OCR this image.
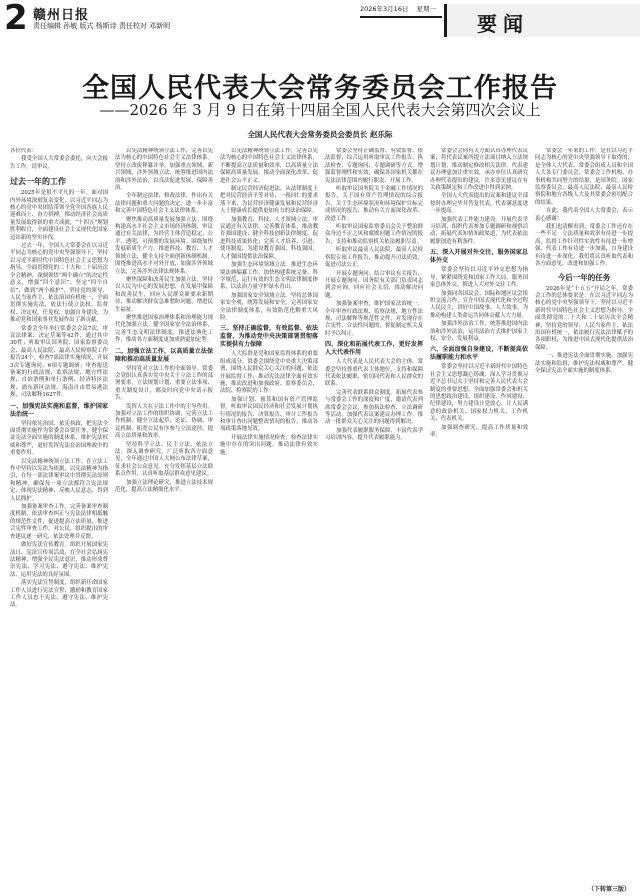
2 赣州日报
责任编辑 孙敏 版式 杨斯诗 责任校对 邓新明
2026年3月16日 星期一
要闻
全国人民代表大会常务委员会工作报告
——2026 年 3 月 9 日在第十四届全国人民代表大会第四次会议上
全国人民代表大会常务委员会委员长 赵乐际

各位代表：

我受全国人大常委会委托，向大会报告工作，请审议。

过去一年的工作

2025年是很不平凡的一年。面对国内外环境深刻复杂变化，以习近平同志为核心的党中央团结带领全党全国各族人民迎难而上、奋力拼搏，推动经济社会高质量发展取得新的重大成就，“十四五”规划胜利收官，全面建设社会主义现代化国家迈出新的坚实步伐。

过去一年，全国人大常委会在以习近平同志为核心的党中央坚强领导下，坚持以习近平新时代中国特色社会主义思想为指导，全面贯彻党的二十大和二十届历次全会精神，深刻领悟“两个确立”的决定性意义，增强“四个意识”、坚定“四个自信”、做到“两个维护”，坚持党的领导、人民当家作主、依法治国有机统一，全面贯彻实施宪法，依法行使立法权、监督权、决定权、任免权，加强自身建设，为推动党和国家事业发展作出了新贡献。

常委会全年举行常委会会议7次，审议法律案、决定草案等42件，通过其中30件；听取审议国务院、国家监察委员会、最高人民法院、最高人民检察院工作报告24个，检查7部法律实施情况，开展3次专题询问、6项专题调研；审查报送备案的行政法规、监察法规、地方性法规、自治条例和单行条例、经济特区法规、浦东新区法规、海南自由贸易港法规、司法解释1627件。

一、加强宪法实施和监督，维护国家法治统一

坚持依宪治国、依宪执政，把宪法全面贯彻实施作为常委会首要任务，健全保证宪法全面实施的制度体系，维护宪法权威和尊严，更好发挥宪法在治国理政中的重要作用。

以宪法精神统领立法工作。在立法工作中坚持以宪法为依据、以宪法精神为指引，在每一部法律案审议中贯彻宪法原则和精神，确保每一项立法都符合宪法规定、体现宪法精神、反映人民意志，得到人民拥护。

加强备案审查工作。完善备案审查制度机制，依法审查纠正与宪法法律相抵触的规范性文件，促进提高立法质量，推进合宪性审查工作。对公民、组织提出的审查建议逐一研究、依法处理并反馈。

做好宪法宣传教育。组织开展国家宪法日、宪法宣传周活动，在全社会弘扬宪法精神，增强全民宪法意识，推动形成尊崇宪法、学习宪法、遵守宪法、维护宪法、运用宪法的良好氛围。

落实宪法宣誓制度，组织新任命国家工作人员进行宪法宣誓，激励和教育国家工作人员忠于宪法、遵守宪法、维护宪法。

以宪法精神统领立法工作，完善以宪法为核心的中国特色社会主义法律体系。坚持立改废释纂并举，加强重点领域、新兴领域、涉外领域立法，统筹推进国内法治和涉外法治，以良法促进发展、保障善治。

全年制定法律，修改法律，作出有关法律问题和重大问题的决定，进一步丰富和完善中国特色社会主义法律体系。

聚焦推动高质量发展加强立法。围绕构建高水平社会主义市场经济体制，审议通过有关法律，为经营主体营造稳定、公平、透明、可预期的发展环境。围绕加快发展新质生产力，推进科技、教育、人才领域立法，健全支持全面创新体制机制。围绕推进高水平对外开放，加强涉外领域立法，完善涉外法律法规体系。

聚焦保障和改善民生加强立法。坚持以人民为中心的发展思想，在发展中保障和改善民生，回应人民群众新要求新期待，推动解决群众急难愁盼问题，增进民生福祉。

聚焦推进国家治理体系和治理能力现代化加强立法。健全国家安全法治体系，完善生态文明法律制度，推进法典化工作，推动各方面制度更加成熟更加定型。

二、加强立法工作，以高质量立法保障和推动高质量发展

坚持党对立法工作的全面领导。常委会党组认真落实党中央关于立法工作的部署要求，立法规划计划、重要立法事项、重大制度设计，都及时向党中央请示报告。

发挥人大在立法工作中的主导作用。加强对立法工作的组织协调，完善立法工作机制，健全立法起草、论证、协调、审议机制，拓宽公民有序参与立法途径，提高立法质量和效率。

坚持科学立法、民主立法、依法立法。深入调查研究，广泛听取各方面意见，全年通过中国人大网公布法律草案，征求社会公众意见。充分发挥基层立法联系点作用，认真听取基层群众意见建议。

加强立法理论研究，推进立法技术规范化，提高立法精细化水平。

以宪法精神统领立法工作，完善以宪法为核心的中国特色社会主义法律体系，不断提高立法质量和效率，以高质量立法保障高质量发展、推动全面深化改革、促进社会公平正义。

制定民营经济促进法，从法律制度上把对民营经济平等对待、一视同仁的要求落下来，为民营经济健康发展和民营经济人士健康成长提供更加有力的法治保障。

加强教育、科技、人才领域立法。审议通过有关法律，完善教育体系，推动教育强国建设；健全科技创新法律制度，促进科技成果转化；完善人才培养、引进、使用制度，为建设教育强国、科技强国、人才强国提供法治保障。

加强生态环境领域立法。推进生态环境法典编纂工作，加快构建系统完备、科学规范、运行有效的生态文明法律制度体系，以法治力量守护绿水青山。

加强国家安全领域立法。坚持总体国家安全观，统筹发展和安全，完善国家安全法律制度体系，有效防范化解重大风险。

三、坚持正确监督、有效监督、依法监督，为推动党中央决策部署贯彻落实提供有力保障

人大监督是党和国家监督体系的重要组成部分。常委会围绕党中央重大决策部署，围绕人民群众关心关注的问题，依法开展监督工作，推动宪法法律全面有效实施，推动改进和加强政府、监察委员会、法院、检察院的工作。

加强计划、预算和国有资产管理监督。听取审议国民经济和社会发展计划执行情况的报告、决算报告、审计工作报告和审计查出问题整改情况的报告，推动各项政策落地见效。

开展法律实施情况检查，检查法律实施中存在的突出问题，推动法律有效实施。

常委会坚持正确监督、有效监督、依法监督，综合运用听取审议工作报告、执法检查、专题询问、专题调研等方式，增强监督刚性和实效，确保各国家机关都在宪法法律范围内履行职责、开展工作。

听取审议国务院关于金融工作情况的报告，关于国有资产管理情况的综合报告，关于生态环境状况和环境保护目标完成情况的报告，推动有关方面深化改革、改进工作。

听取审议国家监察委员会关于整治群众身边不正之风和腐败问题工作情况的报告，支持和推动监察机关依法履职尽责。

听取审议最高人民法院、最高人民检察院专项工作报告，推动提升司法质效，促进司法公正。

开展专题询问。结合审议有关报告，开展专题询问，国务院有关部门负责同志到会应询，回应社会关切，推动解决问题。

加强备案审查，维护国家法治统一。全年审查行政法规、监察法规、地方性法规、司法解释等规范性文件，对发现存在合宪性、合法性问题的，督促制定机关及时予以纠正。

四、深化和拓展代表工作，更好发挥人大代表作用

人大代表是人民代表大会的主体。常委会坚持尊重代表主体地位，支持和保障代表依法履职，密切同代表和人民群众的联系。

完善代表联系群众制度。拓展代表参与常委会工作的深度和广度，邀请代表列席常委会会议，参加执法检查、立法调研等活动。加强代表议案建议办理工作，推动一批群众关心关注的问题得到解决。

加强代表履职服务保障，丰富代表学习培训内容，提升代表履职能力。

常委会会同有关方面认真办理代表议案，将代表议案所提立法项目纳入立法规划计划，推动制定修改相关法律。代表建议办理更加注重实效，承办单位认真研究办理代表提出的建议，许多意见建议在有关政策制定和工作改进中得到采纳。

全国人大代表提出的议案和建议全部按时办理完毕并答复代表，代表满意度进一步提高。

加强代表工作能力建设。开展代表学习培训，组织代表参加专题调研和视察活动，拓展代表知情知政渠道，为代表依法履职创造有利条件。

五、深入开展对外交往，服务国家总体外交

常委会坚持以习近平外交思想为指导，紧紧围绕党和国家工作大局，服务国家总体外交，推进人大对外交往工作。

加强同各国议会、国际和地区议会组织交流合作，宣介中国式现代化和全过程人民民主，讲好中国故事、人大故事，为推动构建人类命运共同体贡献人大力量。

加强涉外法治工作，统筹推进国内法治和涉外法治，运用法治方式维护国家主权、安全、发展利益。

六、全面加强自身建设，不断提高依法履职能力和水平

常委会坚持以习近平新时代中国特色社会主义思想凝心铸魂，深入学习贯彻习近平总书记关于坚持和完善人民代表大会制度的重要思想，全面加强常委会和机关的思想政治建设、组织建设、作风建设、纪律建设，努力建设让党放心、让人民满意的政治机关、国家权力机关、工作机关、代表机关。

加强调查研究，提高工作质量和效率。

常委会一年来的工作，是在以习近平同志为核心的党中央坚强领导下取得的，是全体人大代表、常委会组成人员和全国人大各专门委员会、常委会工作机构、办事机构共同努力的结果，是国务院、国家监察委员会、最高人民法院、最高人民检察院和地方各级人大及其常委会密切配合的结果。

在此，我代表全国人大常委会，表示衷心感谢！

我们也清醒看到，常委会工作还存在一些不足：立法质量和效率有待进一步提高，监督工作针对性实效性有待进一步增强，代表工作有待进一步加强，自身建设有待进一步深化。我们将认真听取代表和各方面意见，改进和加强工作。

今后一年的任务

2026年是“十五五”开局之年。常委会工作的总体要求是：在以习近平同志为核心的党中央坚强领导下，坚持以习近平新时代中国特色社会主义思想为指导，全面贯彻党的二十大和二十届历次全会精神，坚持党的领导、人民当家作主、依法治国有机统一，依法履行宪法法律赋予的各项职权，为推进中国式现代化提供法治保障。

一、推进宪法全面贯彻实施，加强宪法实施和监督，维护宪法权威和尊严，健全保证宪法全面实施的制度体系。

（下转第三版）
